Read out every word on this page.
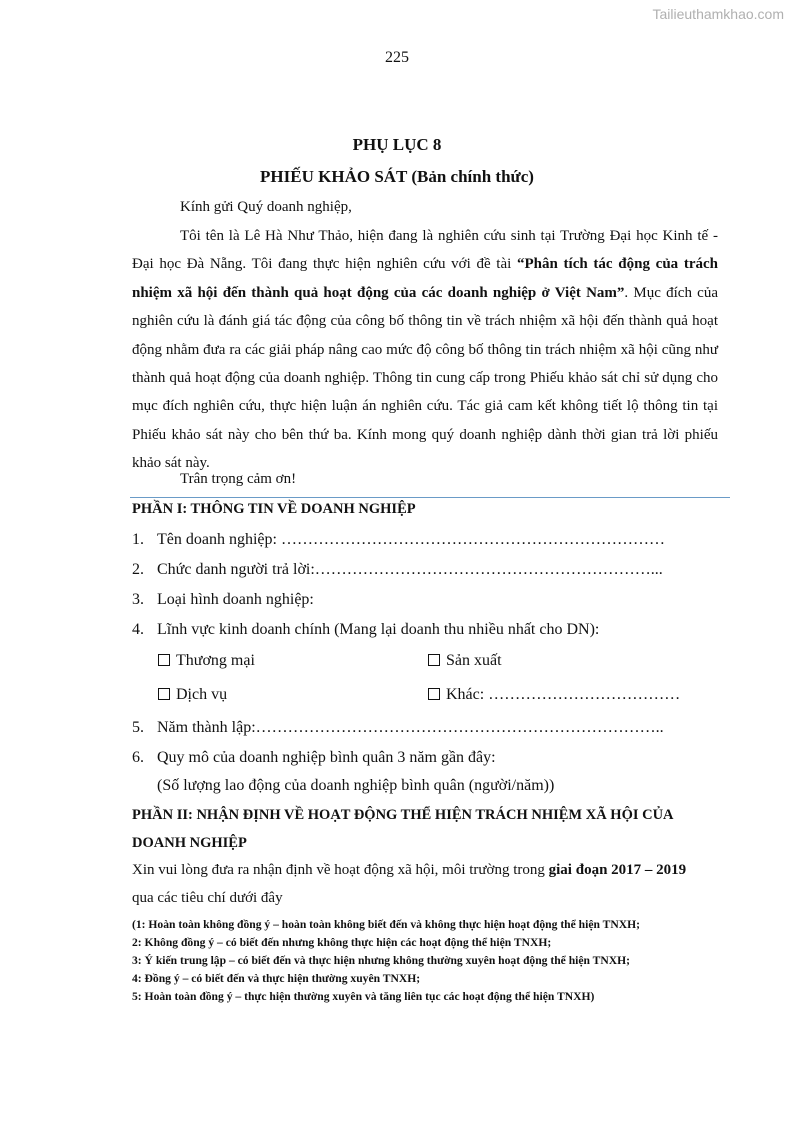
Tailieuthamkhao.com
225
PHỤ LỤC 8
PHIẾU KHẢO SÁT (Bản chính thức)
Kính gửi Quý doanh nghiệp,
Tôi tên là Lê Hà Như Thảo, hiện đang là nghiên cứu sinh tại Trường Đại học Kinh tế - Đại học Đà Nẵng. Tôi đang thực hiện nghiên cứu với đề tài “Phân tích tác động của trách nhiệm xã hội đến thành quả hoạt động của các doanh nghiệp ở Việt Nam”. Mục đích của nghiên cứu là đánh giá tác động của công bố thông tin về trách nhiệm xã hội đến thành quả hoạt động nhằm đưa ra các giải pháp nâng cao mức độ công bố thông tin trách nhiệm xã hội cũng như thành quả hoạt động của doanh nghiệp. Thông tin cung cấp trong Phiếu khảo sát chỉ sử dụng cho mục đích nghiên cứu, thực hiện luận án nghiên cứu. Tác giả cam kết không tiết lộ thông tin tại Phiếu khảo sát này cho bên thứ ba. Kính mong quý doanh nghiệp dành thời gian trả lời phiếu khảo sát này.
Trân trọng cảm ơn!
PHẦN I: THÔNG TIN VỀ DOANH NGHIỆP
1. Tên doanh nghiệp: ………………………………………………………………
2. Chức danh người trả lời:………………………………………………………...
3. Loại hình doanh nghiệp:
4. Lĩnh vực kinh doanh chính (Mang lại doanh thu nhiều nhất cho DN):
Thương mại	Sản xuất
Dịch vụ	Khác: ………………………………
5. Năm thành lập:…………………………………………………………………..
6. Quy mô của doanh nghiệp bình quân 3 năm gần đây:
(Số lượng lao động của doanh nghiệp bình quân (người/năm))
PHẦN II: NHẬN ĐỊNH VỀ HOẠT ĐỘNG THỂ HIỆN TRÁCH NHIỆM XÃ HỘI CỦA
DOANH NGHIỆP
Xin vui lòng đưa ra nhận định về hoạt động xã hội, môi trường trong giai đoạn 2017 – 2019
qua các tiêu chí dưới đây
(1: Hoàn toàn không đồng ý – hoàn toàn không biết đến và không thực hiện hoạt động thể hiện TNXH;
2: Không đồng ý – có biết đến nhưng không thực hiện các hoạt động thể hiện TNXH;
3: Ý kiến trung lập – có biết đến và thực hiện nhưng không thường xuyên hoạt động thể hiện TNXH;
4: Đồng ý – có biết đến và thực hiện thường xuyên TNXH;
5: Hoàn toàn đồng ý – thực hiện thường xuyên và tăng liên tục các hoạt động thể hiện TNXH)
